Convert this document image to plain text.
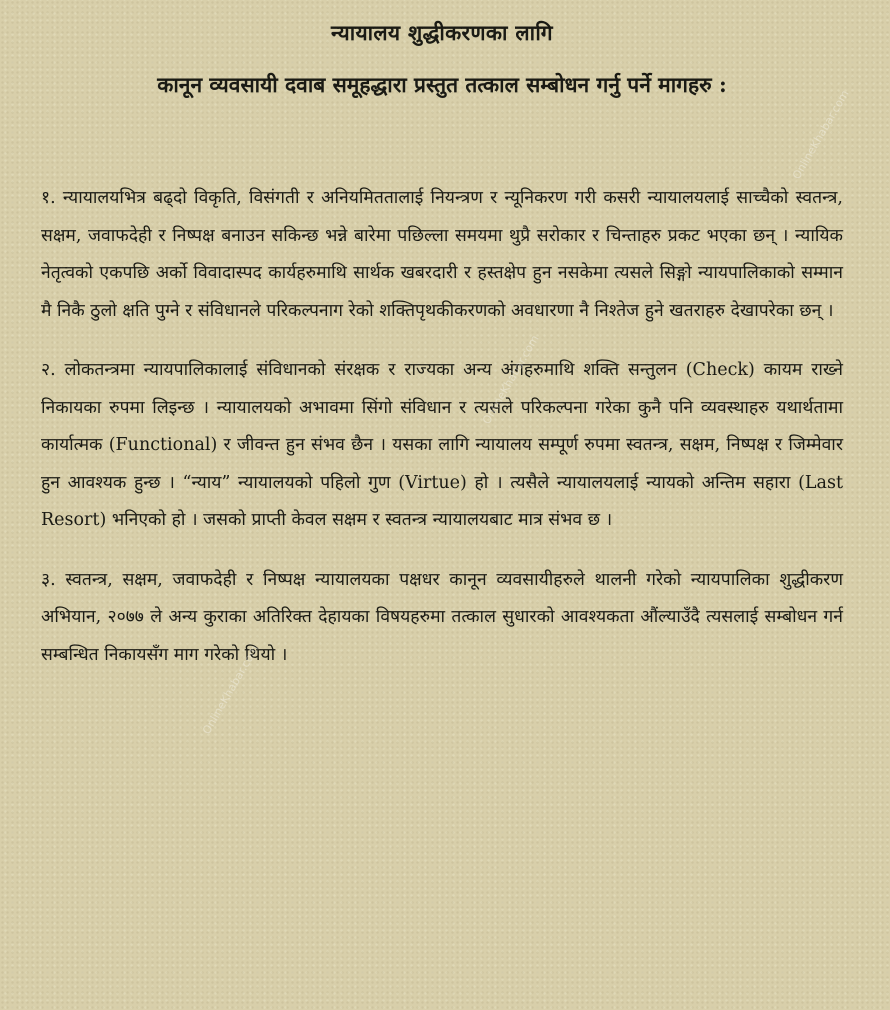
न्यायालय शुद्धीकरणका लागि
कानून व्यवसायी दवाब समूहद्धारा प्रस्तुत तत्काल सम्बोधन गर्नु पर्ने मागहरु :

१. न्यायालयभित्र बढ्दो विकृति, विसंगती र अनियमिततालाई नियन्त्रण र न्यूनिकरण गरी कसरी न्यायालयलाई साच्चैको स्वतन्त्र, सक्षम, जवाफदेही र निष्पक्ष बनाउन सकिन्छ भन्ने बारेमा पछिल्ला समयमा थुप्रै सरोकार र चिन्ताहरु प्रकट भएका छन् । न्यायिक नेतृत्वको एकपछि अर्को विवादास्पद कार्यहरुमाथि सार्थक खबरदारी र हस्तक्षेप हुन नसकेमा त्यसले सिङ्गो न्यायपालिकाको सम्मान मै निकै ठुलो क्षति पुग्ने र संविधानले परिकल्पनाग रेको शक्तिपृथकीकरणको अवधारणा नै निश्तेज हुने खतराहरु देखापरेका छन् ।

२. लोकतन्त्रमा न्यायपालिकालाई संविधानको संरक्षक र राज्यका अन्य अंगहरुमाथि शक्ति सन्तुलन (Check) कायम राख्ने निकायका रुपमा लिइन्छ । न्यायालयको अभावमा सिंगो संविधान र त्यसले परिकल्पना गरेका कुनै पनि व्यवस्थाहरु यथार्थतामा कार्यात्मक (Functional) र जीवन्त हुन संभव छैन । यसका लागि न्यायालय सम्पूर्ण रुपमा स्वतन्त्र, सक्षम, निष्पक्ष र जिम्मेवार हुन आवश्यक हुन्छ । “न्याय” न्यायालयको पहिलो गुण (Virtue) हो । त्यसैले न्यायालयलाई न्यायको अन्तिम सहारा (Last Resort) भनिएको हो । जसको प्राप्ती केवल सक्षम र स्वतन्त्र न्यायालयबाट मात्र संभव छ ।

३. स्वतन्त्र, सक्षम, जवाफदेही र निष्पक्ष न्यायालयका पक्षधर कानून व्यवसायीहरुले थालनी गरेको न्यायपालिका शुद्धीकरण अभियान, २०७७ ले अन्य कुराका अतिरिक्त देहायका विषयहरुमा तत्काल सुधारको आवश्यकता औंल्याउँदै त्यसलाई सम्बोधन गर्न सम्बन्धित निकायसँग माग गरेको थियो ।

OnlineKhabar.com
OnlineKhabar.com
OnlineKhabar.com
